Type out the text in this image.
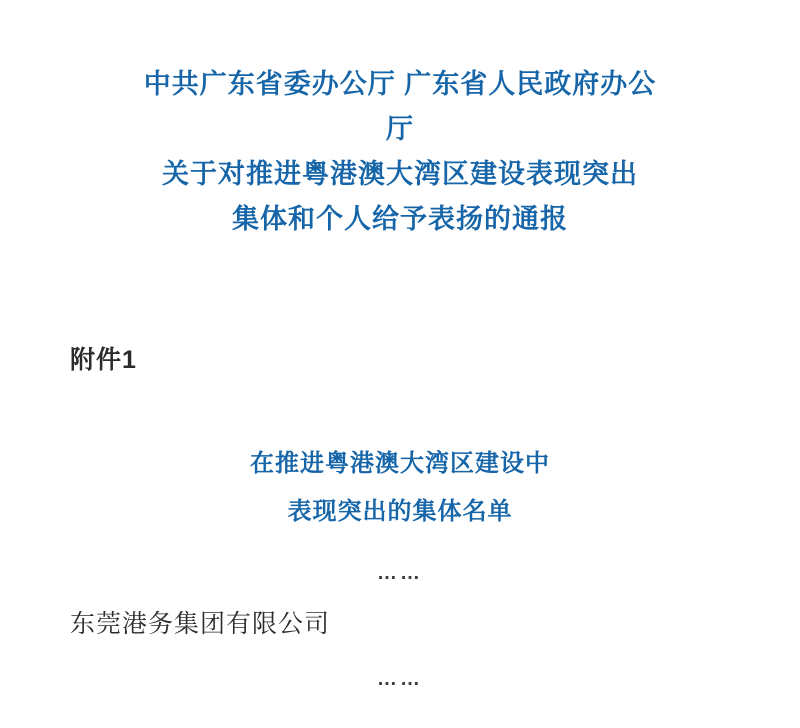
中共广东省委办公厅 广东省人民政府办公
厅
关于对推进粤港澳大湾区建设表现突出
集体和个人给予表扬的通报
附件1
在推进粤港澳大湾区建设中
表现突出的集体名单
……
东莞港务集团有限公司
……
